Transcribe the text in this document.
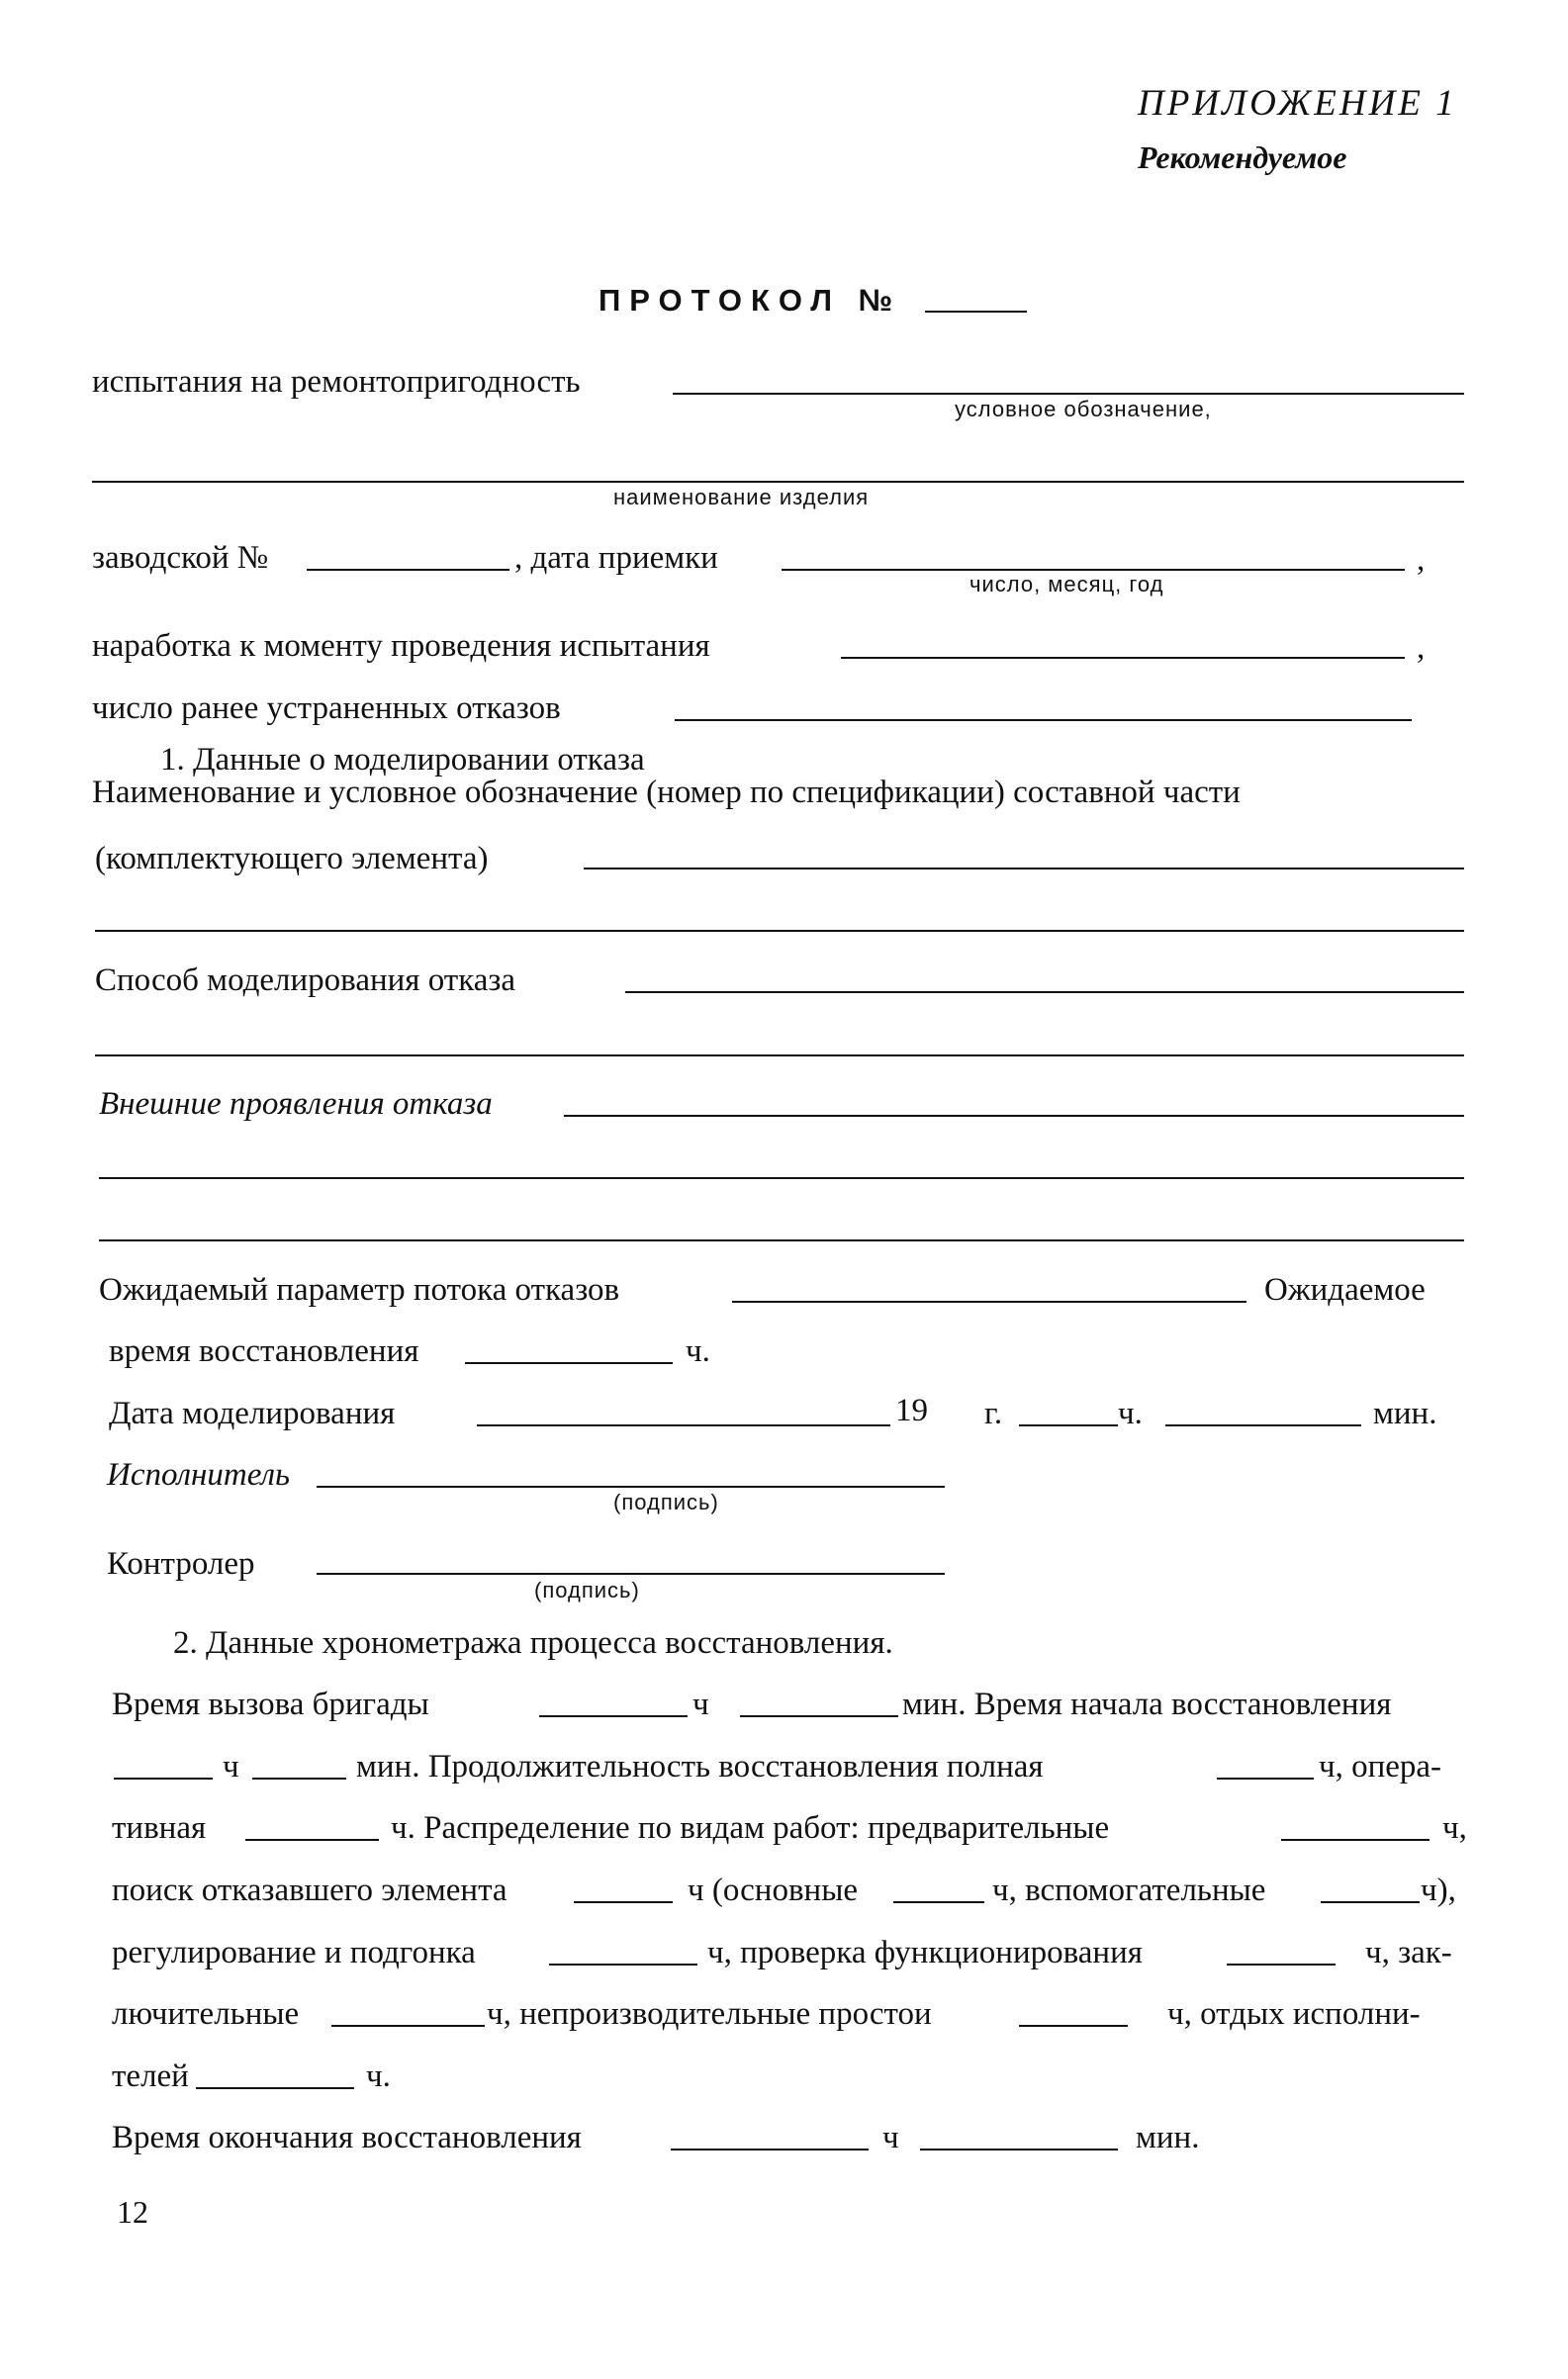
ПРИЛОЖЕНИЕ 1
Рекомендуемое
ПРОТОКОЛ №
испытания на ремонтопригодность
условное обозначение,
наименование изделия
заводской №	, дата приемки	,
число, месяц, год
наработка к моменту проведения испытания	,
число ранее устраненных отказов
1. Данные о моделировании отказа
Наименование и условное обозначение (номер по спецификации) составной части
(комплектующего элемента)
Способ моделирования отказа
Внешние проявления отказа
Ожидаемый параметр потока отказов	Ожидаемое
время восстановления	ч.
Дата моделирования	19 г.	ч.	мин.
Исполнитель
(подпись)
Контролер
(подпись)
2. Данные хронометража процесса восстановления.
Время вызова бригады	ч	мин. Время начала восстановления
ч	мин. Продолжительность восстановления полная	ч, опера-
тивная	ч. Распределение по видам работ: предварительные	ч,
поиск отказавшего элемента	ч (основные	ч, вспомогательные	ч),
регулирование и подгонка	ч, проверка функционирования	ч, зак-
лючительные	ч, непроизводительные простои	ч, отдых исполни-
телей	ч.
Время окончания восстановления	ч	мин.
12
